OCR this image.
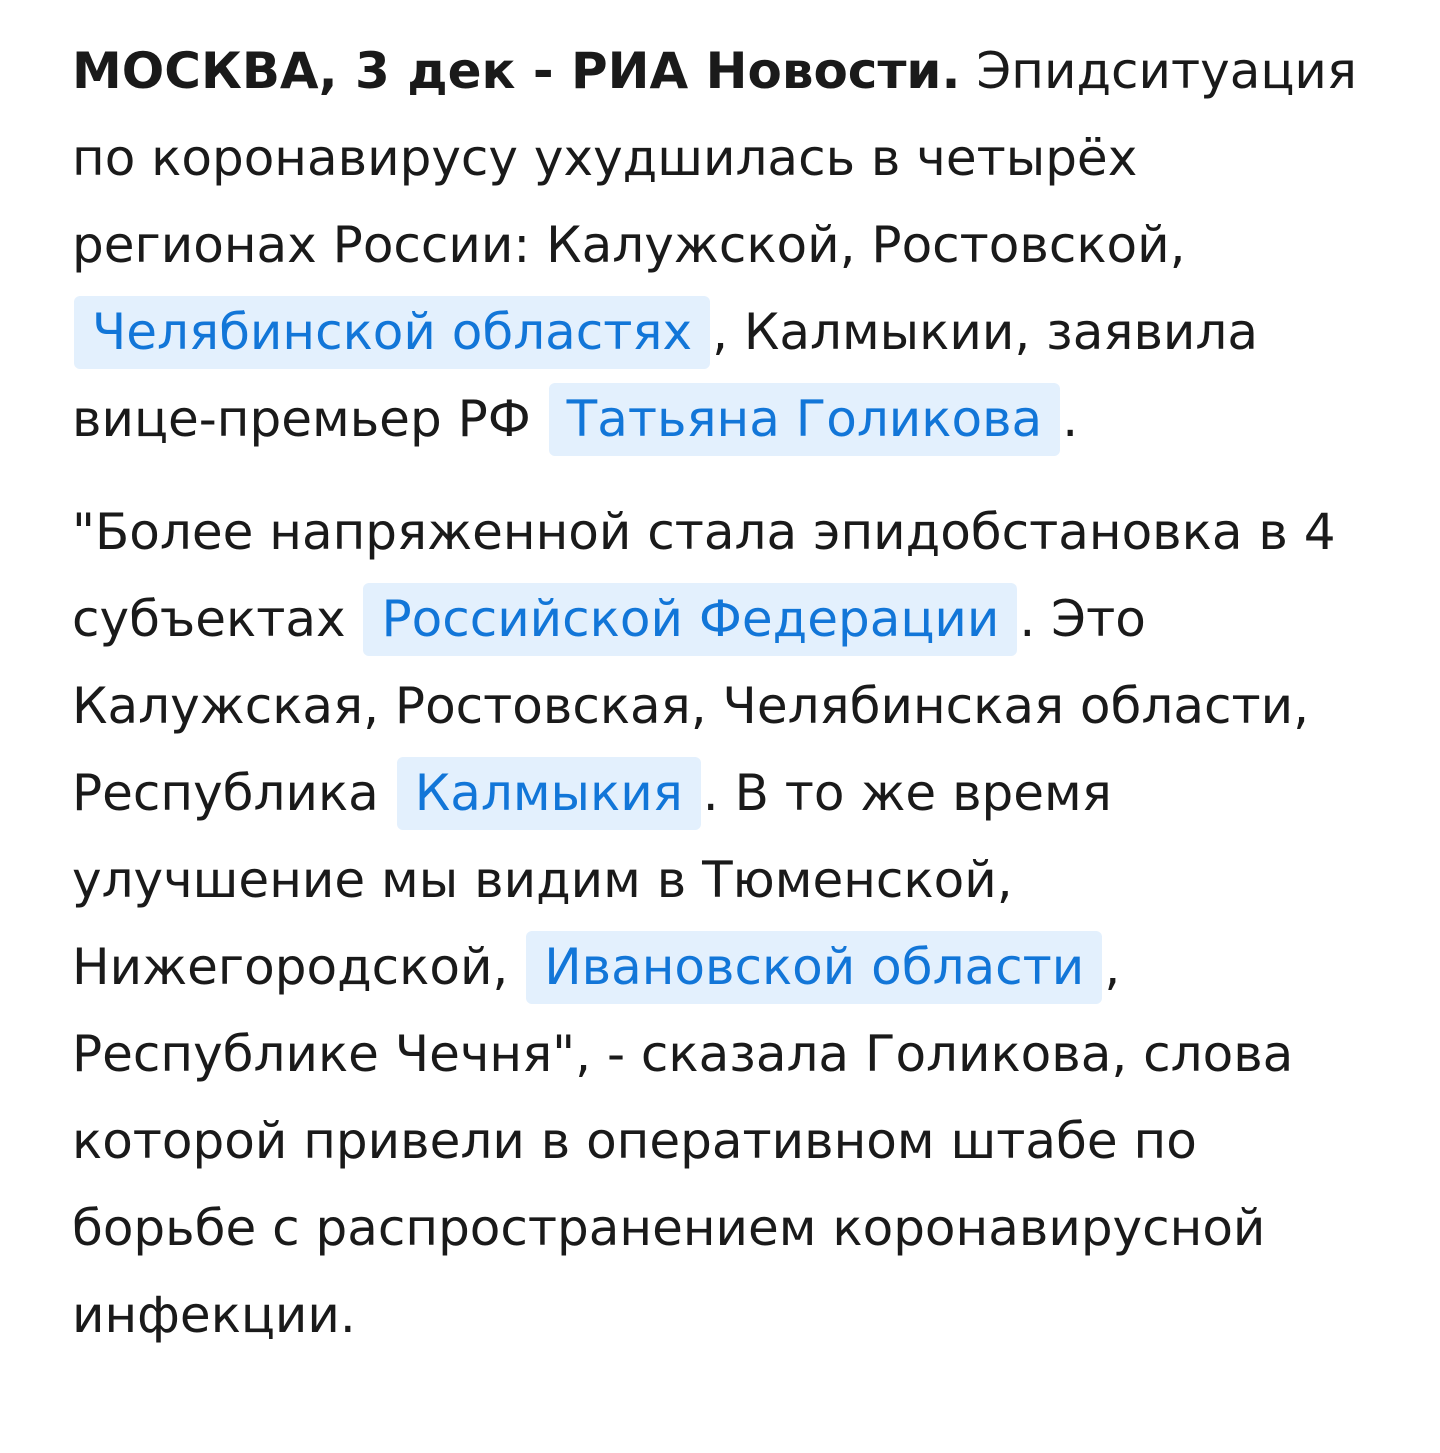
МОСКВА, 3 дек - РИА Новости. Эпидситуация по коронавирусу ухудшилась в четырёх регионах России: Калужской, Ростовской, Челябинской областях , Калмыкии, заявила вице-премьер РФ Татьяна Голикова .

"Более напряженной стала эпидобстановка в 4 субъектах Российской Федерации . Это Калужская, Ростовская, Челябинская области, Республика Калмыкия . В то же время улучшение мы видим в Тюменской, Нижегородской, Ивановской области , Республике Чечня", - сказала Голикова, слова которой привели в оперативном штабе по борьбе с распространением коронавирусной инфекции.
